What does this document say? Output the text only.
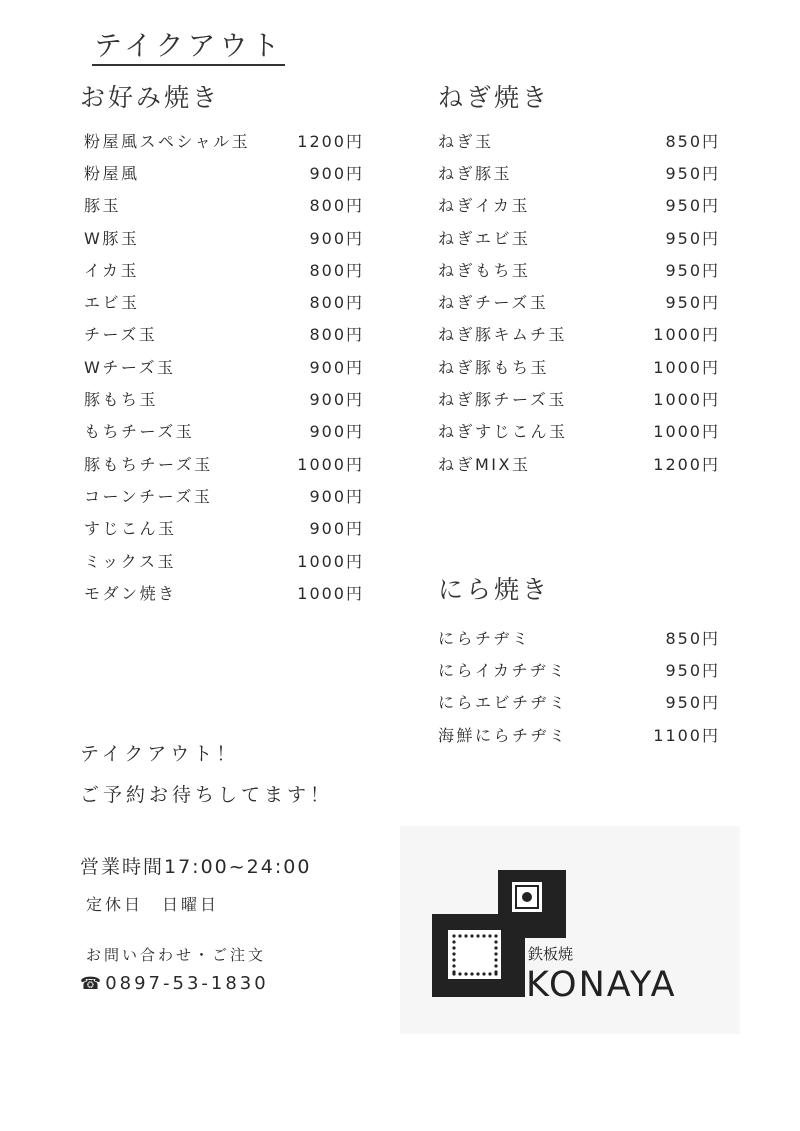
テイクアウト
お好み焼き
粉屋風スペシャル玉	1200円
粉屋風	900円
豚玉	800円
W豚玉	900円
イカ玉	800円
エビ玉	800円
チーズ玉	800円
Wチーズ玉	900円
豚もち玉	900円
もちチーズ玉	900円
豚もちチーズ玉	1000円
コーンチーズ玉	900円
すじこん玉	900円
ミックス玉	1000円
モダン焼き	1000円
ねぎ焼き
ねぎ玉	850円
ねぎ豚玉	950円
ねぎイカ玉	950円
ねぎエビ玉	950円
ねぎもち玉	950円
ねぎチーズ玉	950円
ねぎ豚キムチ玉	1000円
ねぎ豚もち玉	1000円
ねぎ豚チーズ玉	1000円
ねぎすじこん玉	1000円
ねぎMIX玉	1200円
にら焼き
にらチヂミ	850円
にらイカチヂミ	950円
にらエビチヂミ	950円
海鮮にらチヂミ	1100円
テイクアウト！
ご予約お待ちしてます！
営業時間17:00~24:00
定休日　日曜日
お問い合わせ・ご注文
☎ 0897-53-1830
鉄板焼
KONAYA
